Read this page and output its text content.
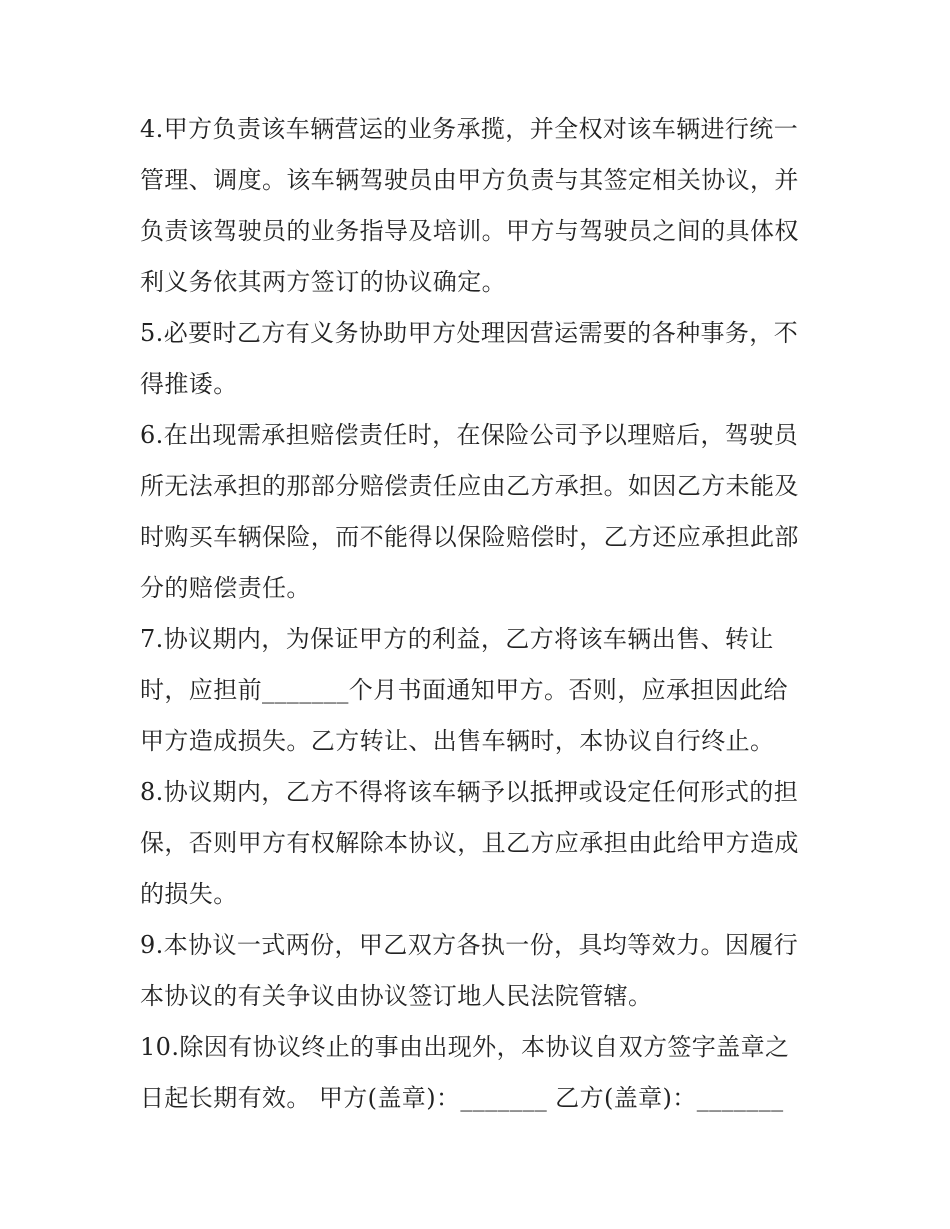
4.甲方负责该车辆营运的业务承揽，并全权对该车辆进行统一
管理、调度。该车辆驾驶员由甲方负责与其签定相关协议，并
负责该驾驶员的业务指导及培训。甲方与驾驶员之间的具体权
利义务依其两方签订的协议确定。
5.必要时乙方有义务协助甲方处理因营运需要的各种事务，不
得推诿。
6.在出现需承担赔偿责任时，在保险公司予以理赔后，驾驶员
所无法承担的那部分赔偿责任应由乙方承担。如因乙方未能及
时购买车辆保险，而不能得以保险赔偿时，乙方还应承担此部
分的赔偿责任。
7.协议期内，为保证甲方的利益，乙方将该车辆出售、转让
时，应担前_______个月书面通知甲方。否则，应承担因此给
甲方造成损失。乙方转让、出售车辆时，本协议自行终止。
8.协议期内，乙方不得将该车辆予以抵押或设定任何形式的担
保，否则甲方有权解除本协议，且乙方应承担由此给甲方造成
的损失。
9.本协议一式两份，甲乙双方各执一份，具均等效力。因履行
本协议的有关争议由协议签订地人民法院管辖。
10.除因有协议终止的事由出现外，本协议自双方签字盖章之
日起长期有效。 甲方(盖章)：_______ 乙方(盖章)：_______
